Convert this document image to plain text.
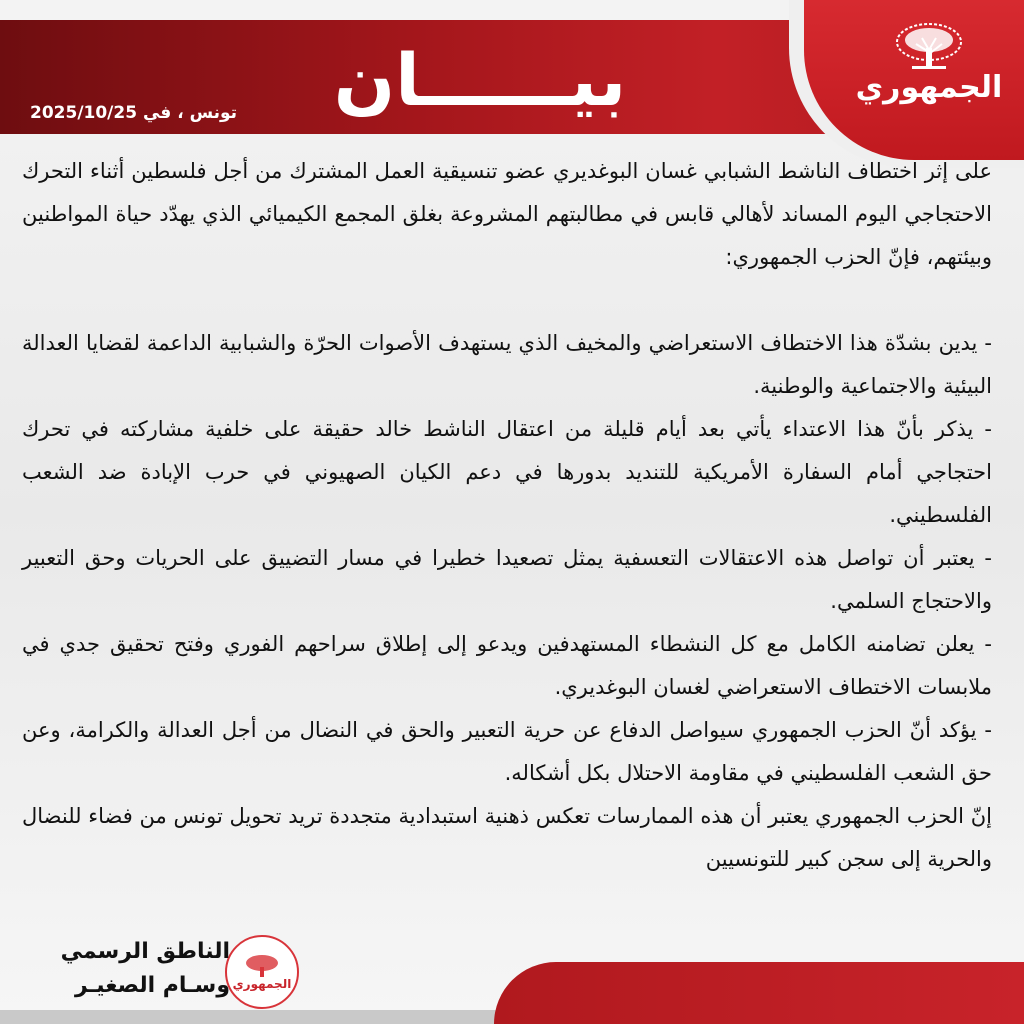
الجمهوري
بيــــــان
تونس ، في 2025/10/25

على إثر اختطاف الناشط الشبابي غسان البوغديري عضو تنسيقية العمل المشترك من أجل فلسطين أثناء التحرك الاحتجاجي اليوم المساند لأهالي قابس في مطالبتهم المشروعة بغلق المجمع الكيميائي الذي يهدّد حياة المواطنين وبيئتهم، فإنّ الحزب الجمهوري:

- يدين بشدّة هذا الاختطاف الاستعراضي والمخيف الذي يستهدف الأصوات الحرّة والشبابية الداعمة لقضايا العدالة البيئية والاجتماعية والوطنية.

- يذكر بأنّ هذا الاعتداء يأتي بعد أيام قليلة من اعتقال الناشط خالد حقيقة على خلفية مشاركته في تحرك احتجاجي أمام السفارة الأمريكية للتنديد بدورها في دعم الكيان الصهيوني في حرب الإبادة ضد الشعب الفلسطيني.

- يعتبر أن تواصل هذه الاعتقالات التعسفية يمثل تصعيدا خطيرا في مسار التضييق على الحريات وحق التعبير والاحتجاج السلمي.

- يعلن تضامنه الكامل مع كل النشطاء المستهدفين ويدعو إلى إطلاق سراحهم الفوري وفتح تحقيق جدي في ملابسات الاختطاف الاستعراضي لغسان البوغديري.

- يؤكد أنّ الحزب الجمهوري سيواصل الدفاع عن حرية التعبير والحق في النضال من أجل العدالة والكرامة، وعن حق الشعب الفلسطيني في مقاومة الاحتلال بكل أشكاله.

إنّ الحزب الجمهوري يعتبر أن هذه الممارسات تعكس ذهنية استبدادية متجددة تريد تحويل تونس من فضاء للنضال والحرية إلى سجن كبير للتونسيين

الجمهوري
الناطق الرسمي
وسـام الصغيـر
